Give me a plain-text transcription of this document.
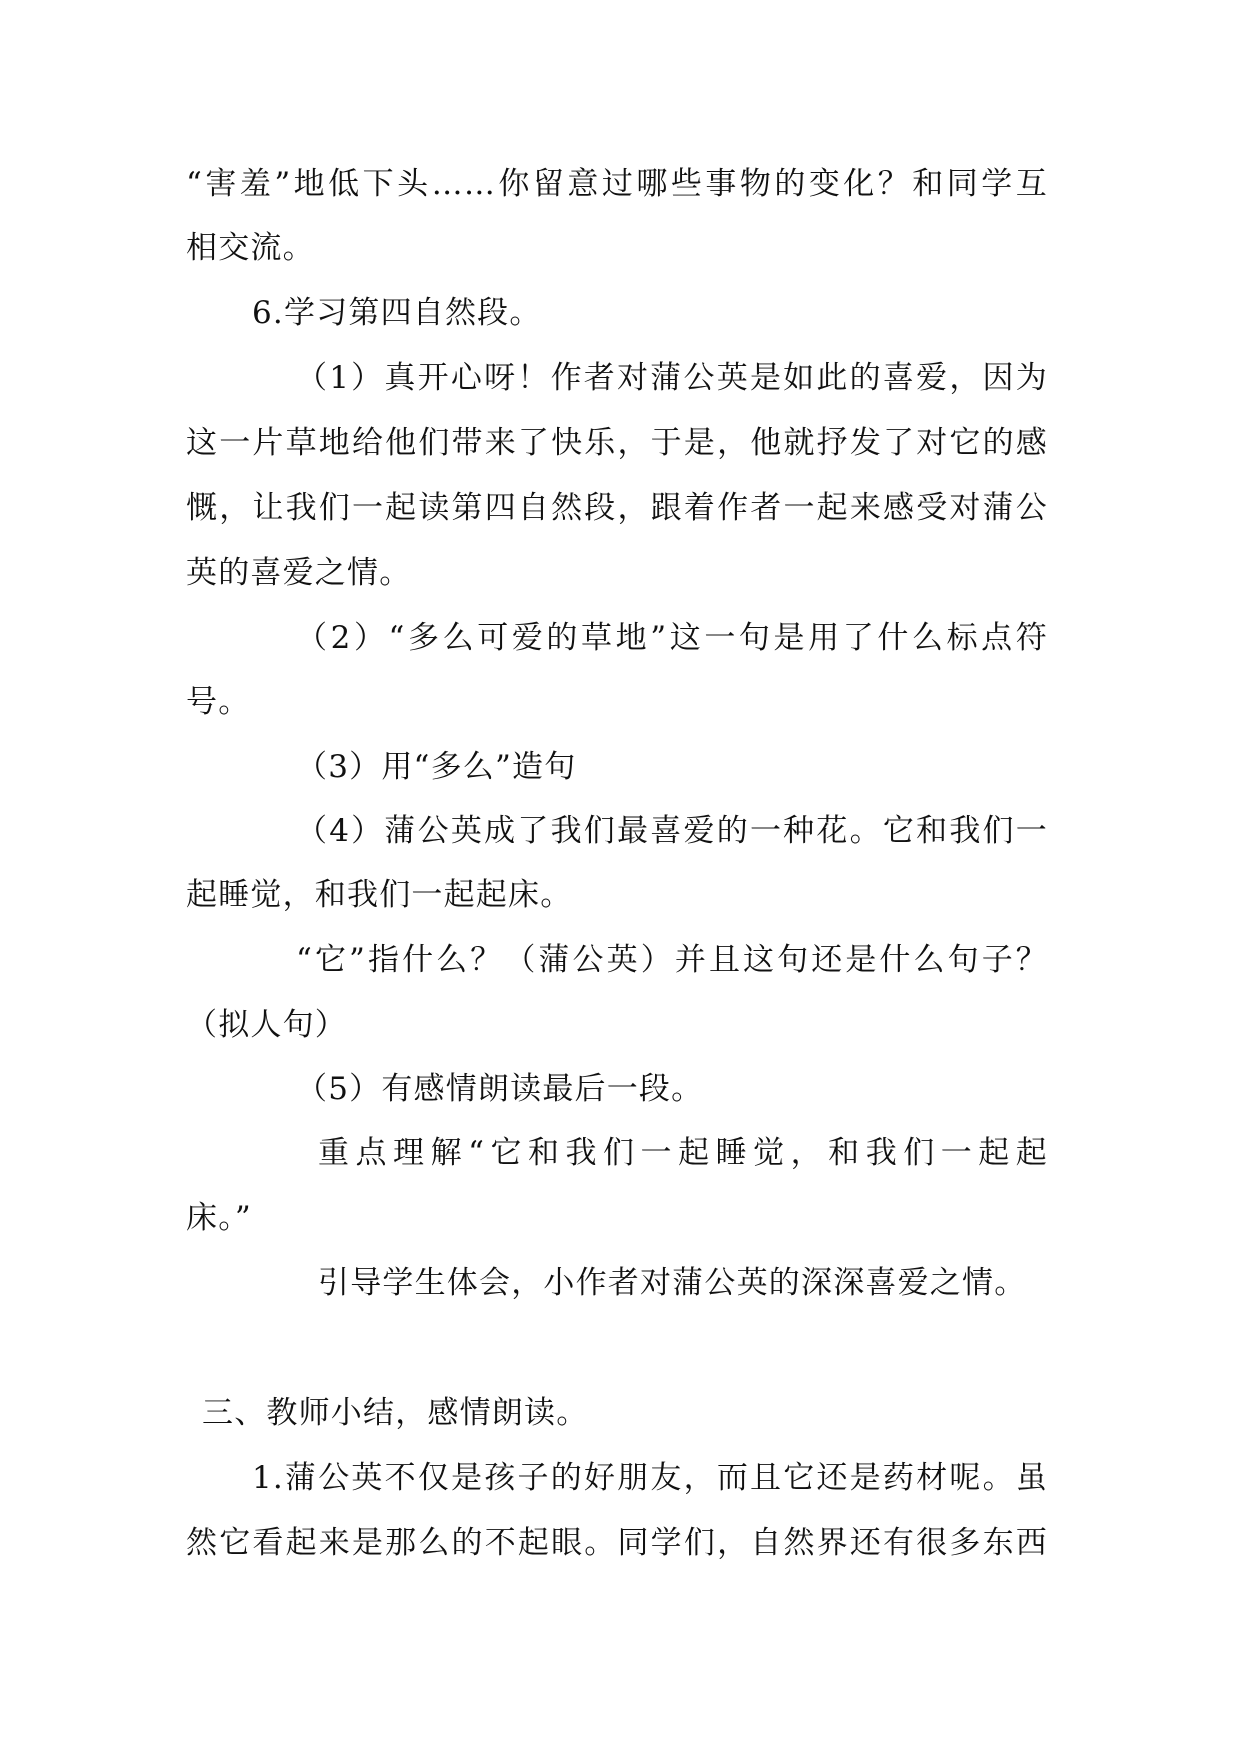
“害羞”地低下头……你留意过哪些事物的变化？和同学互
相交流。
6.学习第四自然段。
（1）真开心呀！作者对蒲公英是如此的喜爱，因为
这一片草地给他们带来了快乐，于是，他就抒发了对它的感
慨，让我们一起读第四自然段，跟着作者一起来感受对蒲公
英的喜爱之情。
（2）“多么可爱的草地”这一句是用了什么标点符
号。
（3）用“多么”造句
（4）蒲公英成了我们最喜爱的一种花。它和我们一
起睡觉，和我们一起起床。
“它”指什么？（蒲公英）并且这句还是什么句子？
（拟人句）
（5）有感情朗读最后一段。
重点理解“它和我们一起睡觉，和我们一起起
床。”
引导学生体会，小作者对蒲公英的深深喜爱之情。
三、教师小结，感情朗读。
1.蒲公英不仅是孩子的好朋友，而且它还是药材呢。虽
然它看起来是那么的不起眼。同学们，自然界还有很多东西
